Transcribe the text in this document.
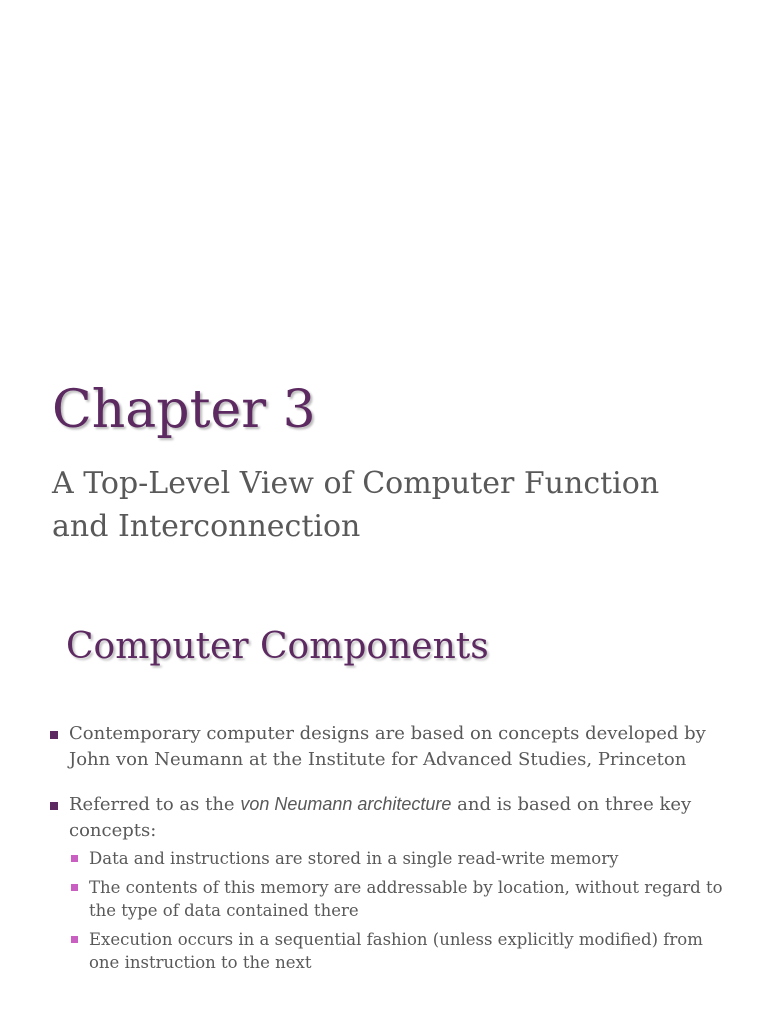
Chapter 3
A Top-Level View of Computer Function and Interconnection
Computer Components
Contemporary computer designs are based on concepts developed by John von Neumann at the Institute for Advanced Studies, Princeton
Referred to as the von Neumann architecture and is based on three key concepts:
Data and instructions are stored in a single read-write memory
The contents of this memory are addressable by location, without regard to the type of data contained there
Execution occurs in a sequential fashion (unless explicitly modified) from one instruction to the next
